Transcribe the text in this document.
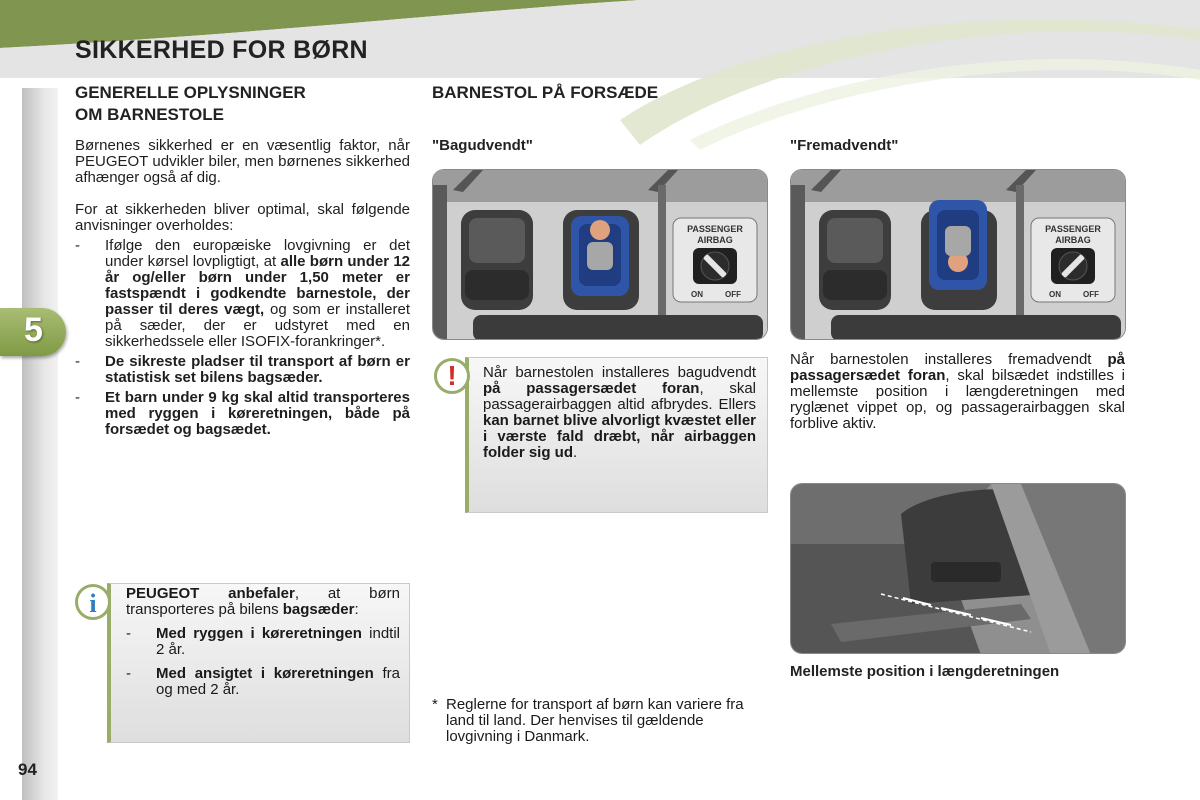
SIKKERHED FOR BØRN
5
94
GENERELLE OPLYSNINGER
OM BARNESTOLE

Børnenes sikkerhed er en væsentlig faktor, når PEUGEOT udvikler biler, men børnenes sikkerhed afhænger også af dig.

For at sikkerheden bliver optimal, skal følgende anvisninger overholdes:

- Ifølge den europæiske lovgivning er det under kørsel lovpligtigt, at alle børn under 12 år og/eller børn under 1,50 meter er fastspændt i godkendte barnestole, der passer til deres vægt, og som er installeret på sæder, der er udstyret med en sikkerhedssele eller ISOFIX-forankringer*.
- De sikreste pladser til transport af børn er statistisk set bilens bagsæder.
- Et barn under 9 kg skal altid transporteres med ryggen i køreretningen, både på forsædet og bagsædet.
i	PEUGEOT anbefaler, at børn transporteres på bilens bagsæder:
- Med ryggen i køreretningen indtil 2 år.
- Med ansigtet i køreretningen fra og med 2 år.
BARNESTOL PÅ FORSÆDE
"Bagudvendt"	"Fremadvendt"
PASSENGER
AIRBAG
ON	OFF
PASSENGER
AIRBAG
ON	OFF
!	Når barnestolen installeres bagudvendt på passagersædet foran, skal passagerairbaggen altid afbrydes. Ellers kan barnet blive alvorligt kvæstet eller i værste fald dræbt, når airbaggen folder sig ud.
Når barnestolen installeres fremadvendt på passagersædet foran, skal bilsædet indstilles i mellemste position i længderetningen med ryglænet vippet op, og passagerairbaggen skal forblive aktiv.
Mellemste position i længderetningen
* Reglerne for transport af børn kan variere fra land til land. Der henvises til gældende lovgivning i Danmark.
